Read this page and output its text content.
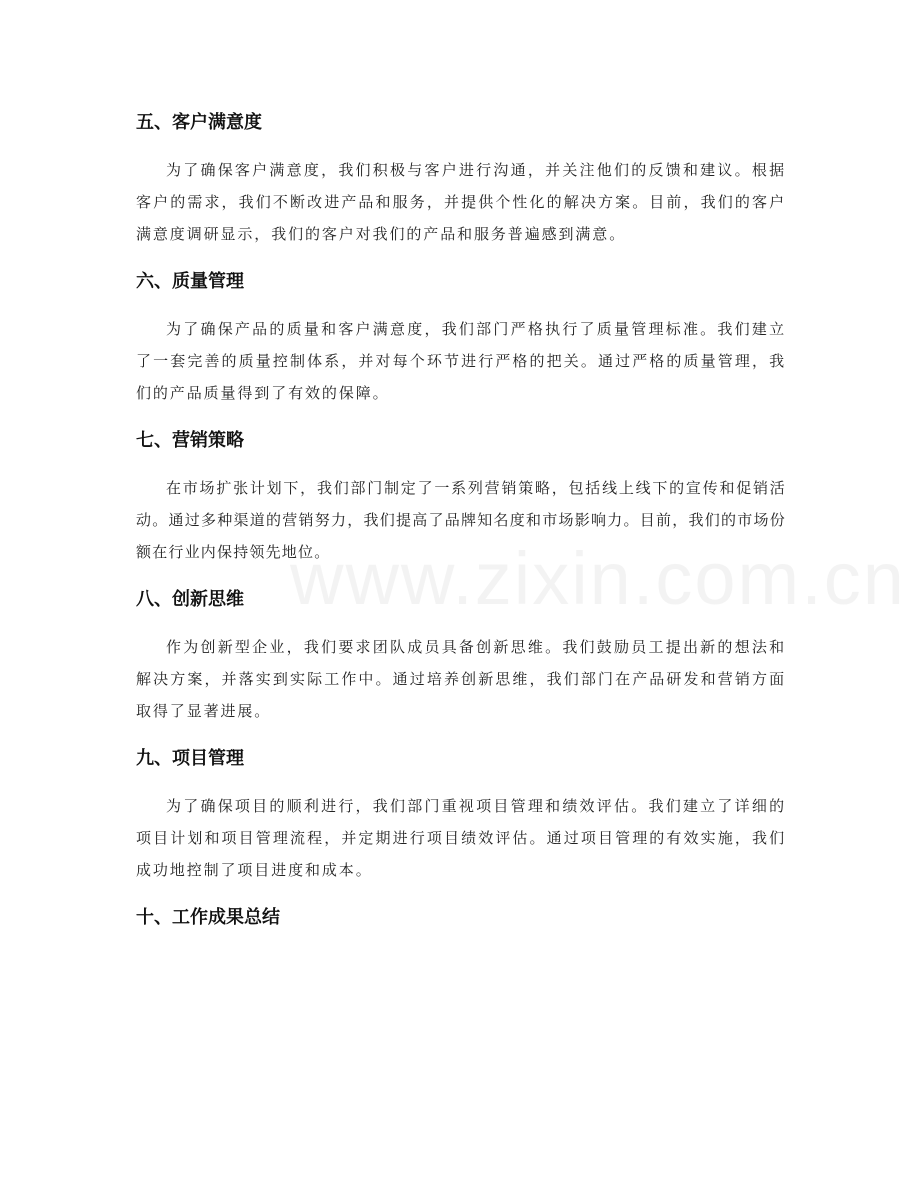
www.zixin.com.cn
五、客户满意度

为了确保客户满意度，我们积极与客户进行沟通，并关注他们的反馈和建议。根据客户的需求，我们不断改进产品和服务，并提供个性化的解决方案。目前，我们的客户满意度调研显示，我们的客户对我们的产品和服务普遍感到满意。

六、质量管理

为了确保产品的质量和客户满意度，我们部门严格执行了质量管理标准。我们建立了一套完善的质量控制体系，并对每个环节进行严格的把关。通过严格的质量管理，我们的产品质量得到了有效的保障。

七、营销策略

在市场扩张计划下，我们部门制定了一系列营销策略，包括线上线下的宣传和促销活动。通过多种渠道的营销努力，我们提高了品牌知名度和市场影响力。目前，我们的市场份额在行业内保持领先地位。

八、创新思维

作为创新型企业，我们要求团队成员具备创新思维。我们鼓励员工提出新的想法和解决方案，并落实到实际工作中。通过培养创新思维，我们部门在产品研发和营销方面取得了显著进展。

九、项目管理

为了确保项目的顺利进行，我们部门重视项目管理和绩效评估。我们建立了详细的项目计划和项目管理流程，并定期进行项目绩效评估。通过项目管理的有效实施，我们成功地控制了项目进度和成本。

十、工作成果总结
